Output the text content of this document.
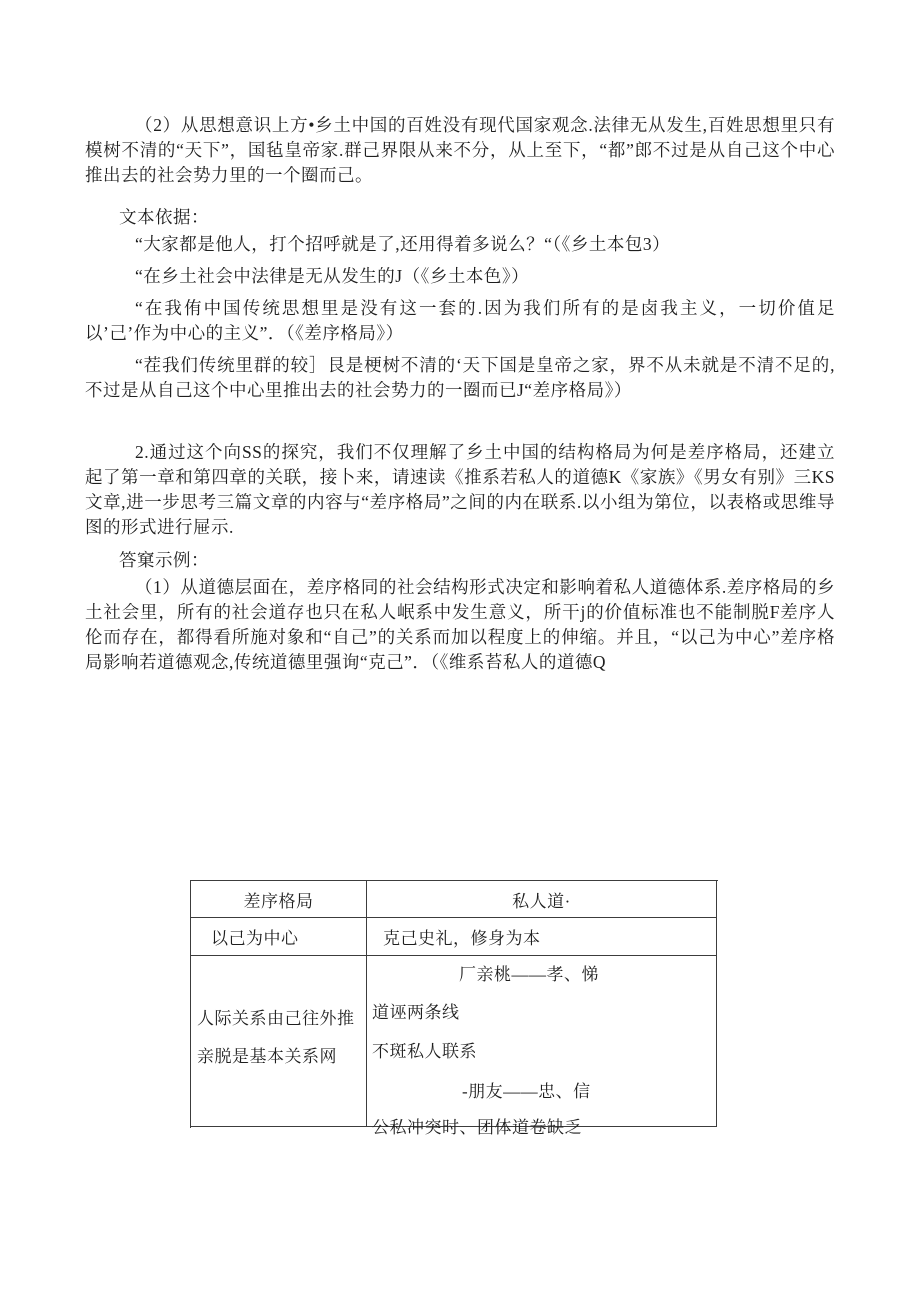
（2）从思想意识上方•乡土中国的百姓没有现代国家观念.法律无从发生,百姓思想里只有模树不清的“天下”，国毡皇帝家.群己界限从来不分，从上至下，“都”郎不过是从自己这个中心推出去的社会势力里的一个圈而己。

文本依据：

“大家都是他人，打个招呼就是了,还用得着多说么？“（《乡土本包3）

“在乡土社会中法律是无从发生的J（《乡土本色》）

“在我侑中国传统思想里是没有这一套的.因为我们所有的是卤我主义，一切价值足以’己’作为中心的主义”．（《差序格局》）

“茬我们传统里群的较］艮是梗树不清的‘天下国是皇帝之家，界不从未就是不清不足的,不过是从自己这个中心里推出去的社会势力的一圈而已J“差序格局》）

2.通过这个向SS的探究，我们不仅理解了乡土中国的结构格局为何是差序格局，还建立起了第一章和第四章的关联，接卜来，请速读《推系若私人的道德K《家族》《男女有别》三KS文章,进一步思考三篇文章的内容与“差序格局”之间的内在联系.以小组为第位，以表格或思维导图的形式进行屉示.

答窠示例：

（1）从道德层面在，差序格同的社会结构形式决定和影响着私人道德体系.差序格局的乡土社会里，所有的社会道存也只在私人岷系中发生意义，所干j的价值标准也不能制脱F差序人伦而存在，都得看所施对象和“自己”的关系而加以程度上的伸缩。并且，“以己为中心”差序格局影响若道德观念,传统道德里强询“克己”．（《维系苔私人的道德Q

差序格局	私人道·
以己为中心	克己史礼，修身为本
人际关系由己往外推
亲脱是基本关系网
厂亲桃——孝、悌
道诬两条线
不斑私人联系
-朋友——忠、信
公私冲突时、团体道卷缺乏
